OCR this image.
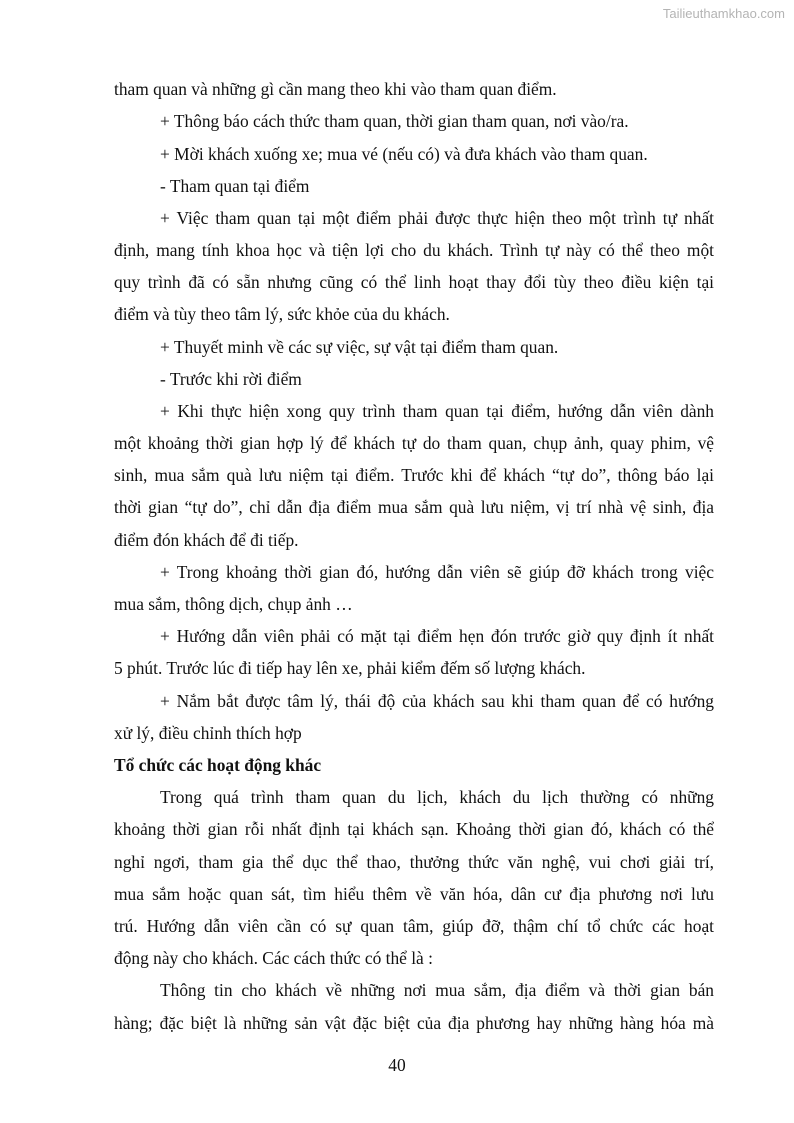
Tailieuthamkhao.com
tham quan và những gì cần mang theo khi vào tham quan điểm.
+ Thông báo cách thức tham quan, thời gian tham quan, nơi vào/ra.
+ Mời khách xuống xe; mua vé (nếu có) và đưa khách vào tham quan.
- Tham quan tại điểm
+ Việc tham quan tại một điểm phải được thực hiện theo một trình tự nhất
định, mang tính khoa học và tiện lợi cho du khách. Trình tự này có thể theo một
quy trình đã có sẵn nhưng cũng có thể linh hoạt thay đổi tùy theo điều kiện tại
điểm và tùy theo tâm lý, sức khỏe của du khách.
+ Thuyết minh về các sự việc, sự vật tại điểm tham quan.
- Trước khi rời điểm
+ Khi thực hiện xong quy trình tham quan tại điểm, hướng dẫn viên dành
một khoảng thời gian hợp lý để khách tự do tham quan, chụp ảnh, quay phim, vệ
sinh, mua sắm quà lưu niệm tại điểm. Trước khi để khách “tự do”, thông báo lại
thời gian “tự do”, chỉ dẫn địa điểm mua sắm quà lưu niệm, vị trí nhà vệ sinh, địa
điểm đón khách để đi tiếp.
+ Trong khoảng thời gian đó, hướng dẫn viên sẽ giúp đỡ khách trong việc
mua sắm, thông dịch, chụp ảnh …
+ Hướng dẫn viên phải có mặt tại điểm hẹn đón trước giờ quy định ít nhất
5 phút. Trước lúc đi tiếp hay lên xe, phải kiểm đếm số lượng khách.
+ Nắm bắt được tâm lý, thái độ của khách sau khi tham quan để có hướng
xử lý, điều chỉnh thích hợp
Tổ chức các hoạt động khác
Trong quá trình tham quan du lịch, khách du lịch thường có những
khoảng thời gian rỗi nhất định tại khách sạn. Khoảng thời gian đó, khách có thể
nghỉ ngơi, tham gia thể dục thể thao, thưởng thức văn nghệ, vui chơi giải trí,
mua sắm hoặc quan sát, tìm hiểu thêm về văn hóa, dân cư địa phương nơi lưu
trú. Hướng dẫn viên cần có sự quan tâm, giúp đỡ, thậm chí tổ chức các hoạt
động này cho khách. Các cách thức có thể là :
Thông tin cho khách về những nơi mua sắm, địa điểm và thời gian bán
hàng; đặc biệt là những sản vật đặc biệt của địa phương hay những hàng hóa mà
40
